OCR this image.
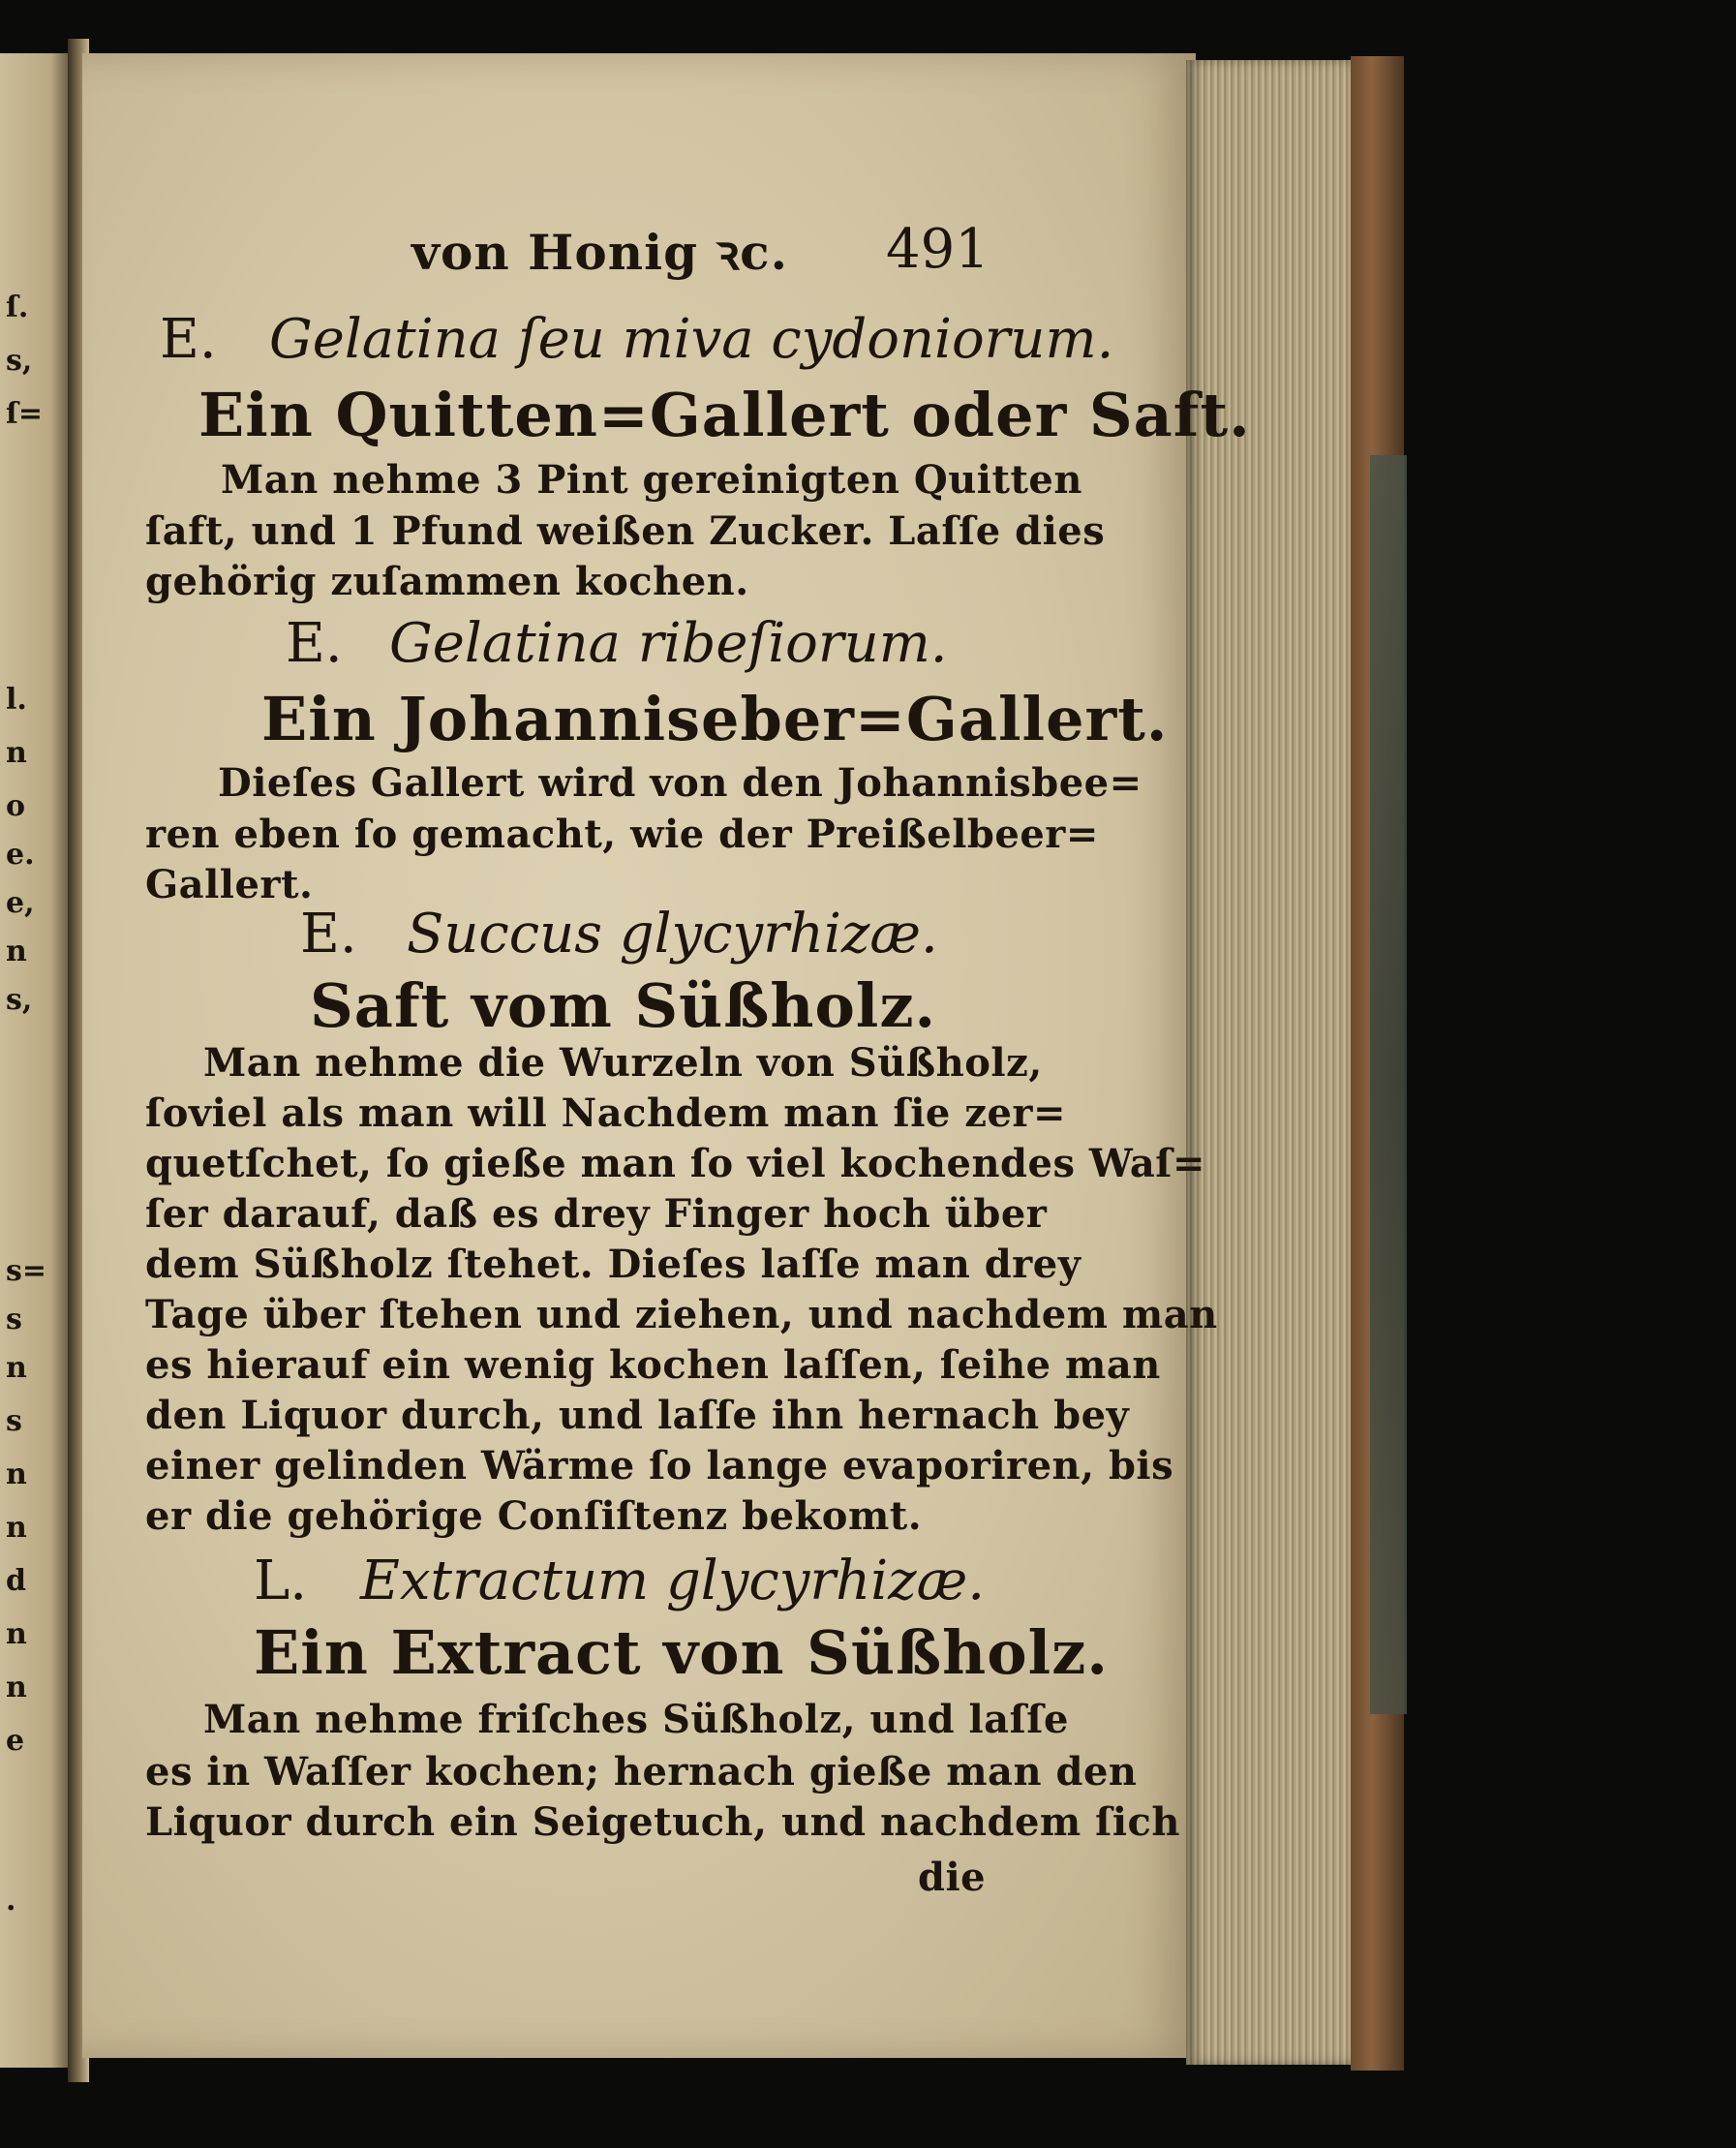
ſ.
s,
ſ=
l.
n
o
e.
e,
n
s,
s=
s
n
s
n
n
d
n
n
e
.
von Honig ꝛc. 491
E. Gelatina ſeu miva cydoniorum.
Ein Quitten=Gallert oder Saft.
Man nehme 3 Pint gereinigten Quitten
ſaft, und 1 Pfund weißen Zucker. Laſſe dies
gehörig zuſammen kochen.
E. Gelatina ribeſiorum.
Ein Johanniseber=Gallert.
Dieſes Gallert wird von den Johannisbee=
ren eben ſo gemacht, wie der Preißelbeer=
Gallert.
E. Succus glycyrhizæ.
Saft vom Süßholz.
Man nehme die Wurzeln von Süßholz,
ſoviel als man will Nachdem man ſie zer=
quetſchet, ſo gieße man ſo viel kochendes Waſ=
ſer darauf, daß es drey Finger hoch über
dem Süßholz ſtehet. Dieſes laſſe man drey
Tage über ſtehen und ziehen, und nachdem man
es hierauf ein wenig kochen laſſen, ſeihe man
den Liquor durch, und laſſe ihn hernach bey
einer gelinden Wärme ſo lange evaporiren, bis
er die gehörige Conſiſtenz bekomt.
L. Extractum glycyrhizæ.
Ein Extract von Süßholz.
Man nehme friſches Süßholz, und laſſe
es in Waſſer kochen; hernach gieße man den
Liquor durch ein Seigetuch, und nachdem ſich
die
